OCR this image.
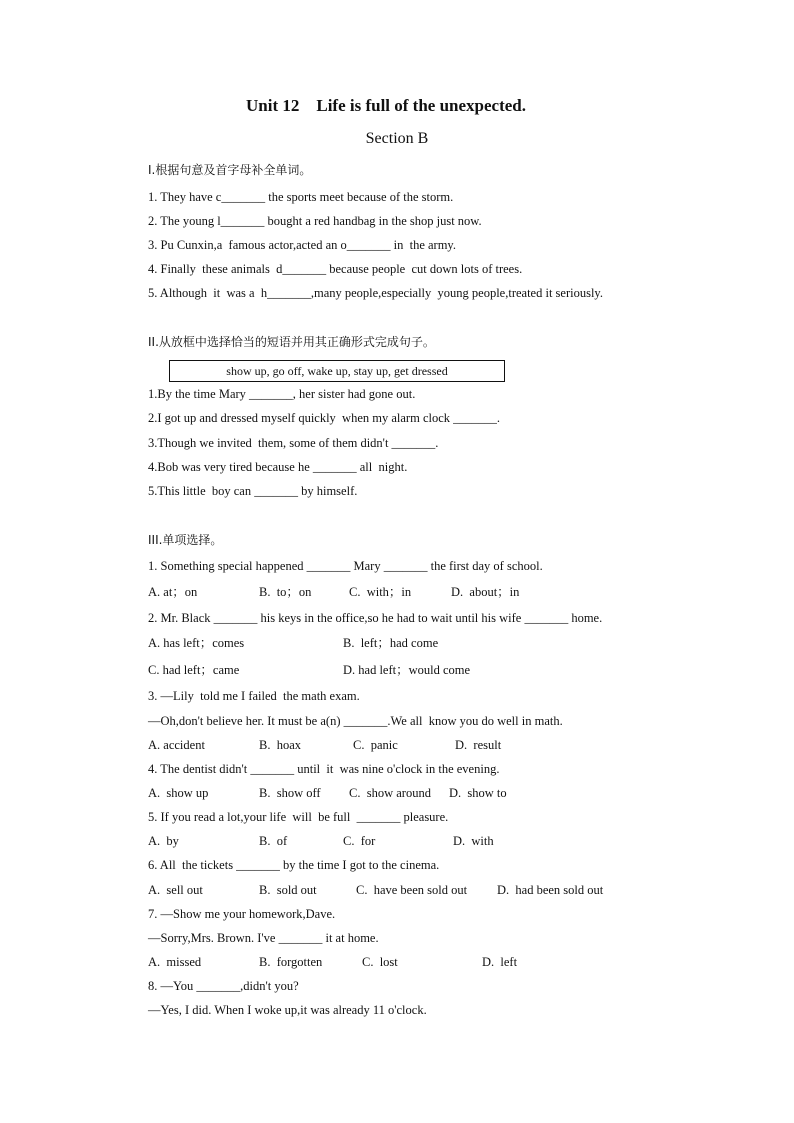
Unit 12    Life is full of the unexpected.
Section B
I.根据句意及首字母补全单词。
1. They have c_______ the sports meet because of the storm.
2. The young l_______ bought a red handbag in the shop just now.
3. Pu Cunxin,a  famous actor,acted an o_______ in  the army.
4. Finally  these animals  d_______ because people  cut down lots of trees.
5. Although  it  was a  h_______,many people,especially  young people,treated it seriously.
II.从放框中选择恰当的短语并用其正确形式完成句子。
show up, go off, wake up, stay up, get dressed
1.By the time Mary _______, her sister had gone out.
2.I got up and dressed myself quickly  when my alarm clock _______.
3.Though we invited  them, some of them didn't _______.
4.Bob was very tired because he _______ all  night.
5.This little  boy can _______ by himself.
III.单项选择。
1. Something special happened _______ Mary _______ the first day of school.
A. at；on	B.  to；on	C.  with；in	D.  about；in
2. Mr. Black _______ his keys in the office,so he had to wait until his wife _______ home.
A. has left；comes	B.  left；had come
C. had left；came	D. had left；would come
3. —Lily  told me I failed  the math exam.
—Oh,don't believe her. It must be a(n) _______.We all  know you do well in math.
A. accident	B.  hoax	C.  panic	D.  result
4. The dentist didn't _______ until  it  was nine o'clock in the evening.
A.  show up	B.  show off C.  show around D.  show to
5. If you read a lot,your life  will  be full  _______ pleasure.
A.  by	B.  of	C.  for	D.  with
6. All  the tickets _______ by the time I got to the cinema.
A.  sell out	B.  sold out	C.  have been sold out D.  had been sold out
7. —Show me your homework,Dave.
—Sorry,Mrs. Brown. I've _______ it at home.
A.  missed	B.  forgotten	C.  lost	D.  left
8. —You _______,didn't you?
—Yes, I did. When I woke up,it was already 11 o'clock.
